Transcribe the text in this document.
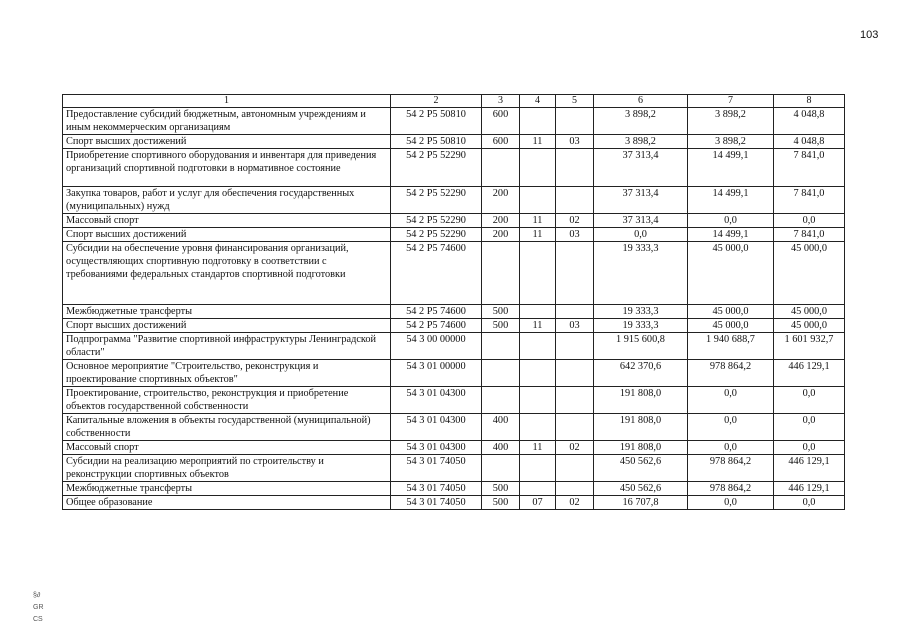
103
1	2	3	4	5	6	7	8
Предоставление субсидий бюджетным, автономным учреждениям и иным некоммерческим организациям	54 2 P5 50810	600			3 898,2	3 898,2	4 048,8
Спорт высших достижений	54 2 P5 50810	600	11	03	3 898,2	3 898,2	4 048,8
Приобретение спортивного оборудования и инвентаря для приведения организаций спортивной подготовки в нормативное состояние	54 2 P5 52290				37 313,4	14 499,1	7 841,0
Закупка товаров, работ и услуг для обеспечения государственных (муниципальных) нужд	54 2 P5 52290	200			37 313,4	14 499,1	7 841,0
Массовый спорт	54 2 P5 52290	200	11	02	37 313,4	0,0	0,0
Спорт высших достижений	54 2 P5 52290	200	11	03	0,0	14 499,1	7 841,0
Субсидии на обеспечение уровня финансирования организаций, осуществляющих спортивную подготовку в соответствии с требованиями федеральных стандартов спортивной подготовки	54 2 P5 74600				19 333,3	45 000,0	45 000,0
Межбюджетные трансферты	54 2 P5 74600	500			19 333,3	45 000,0	45 000,0
Спорт высших достижений	54 2 P5 74600	500	11	03	19 333,3	45 000,0	45 000,0
Подпрограмма "Развитие спортивной инфраструктуры Ленинградской области"	54 3 00 00000				1 915 600,8	1 940 688,7	1 601 932,7
Основное мероприятие "Строительство, реконструкция и проектирование спортивных объектов"	54 3 01 00000				642 370,6	978 864,2	446 129,1
Проектирование, строительство, реконструкция и приобретение объектов государственной собственности	54 3 01 04300				191 808,0	0,0	0,0
Капитальные вложения в объекты государственной (муниципальной) собственности	54 3 01 04300	400			191 808,0	0,0	0,0
Массовый спорт	54 3 01 04300	400	11	02	191 808,0	0,0	0,0
Субсидии на реализацию мероприятий по строительству и реконструкции спортивных объектов	54 3 01 74050				450 562,6	978 864,2	446 129,1
Межбюджетные трансферты	54 3 01 74050	500			450 562,6	978 864,2	446 129,1
Общее образование	54 3 01 74050	500	07	02	16 707,8	0,0	0,0
§∂
GR
CS
